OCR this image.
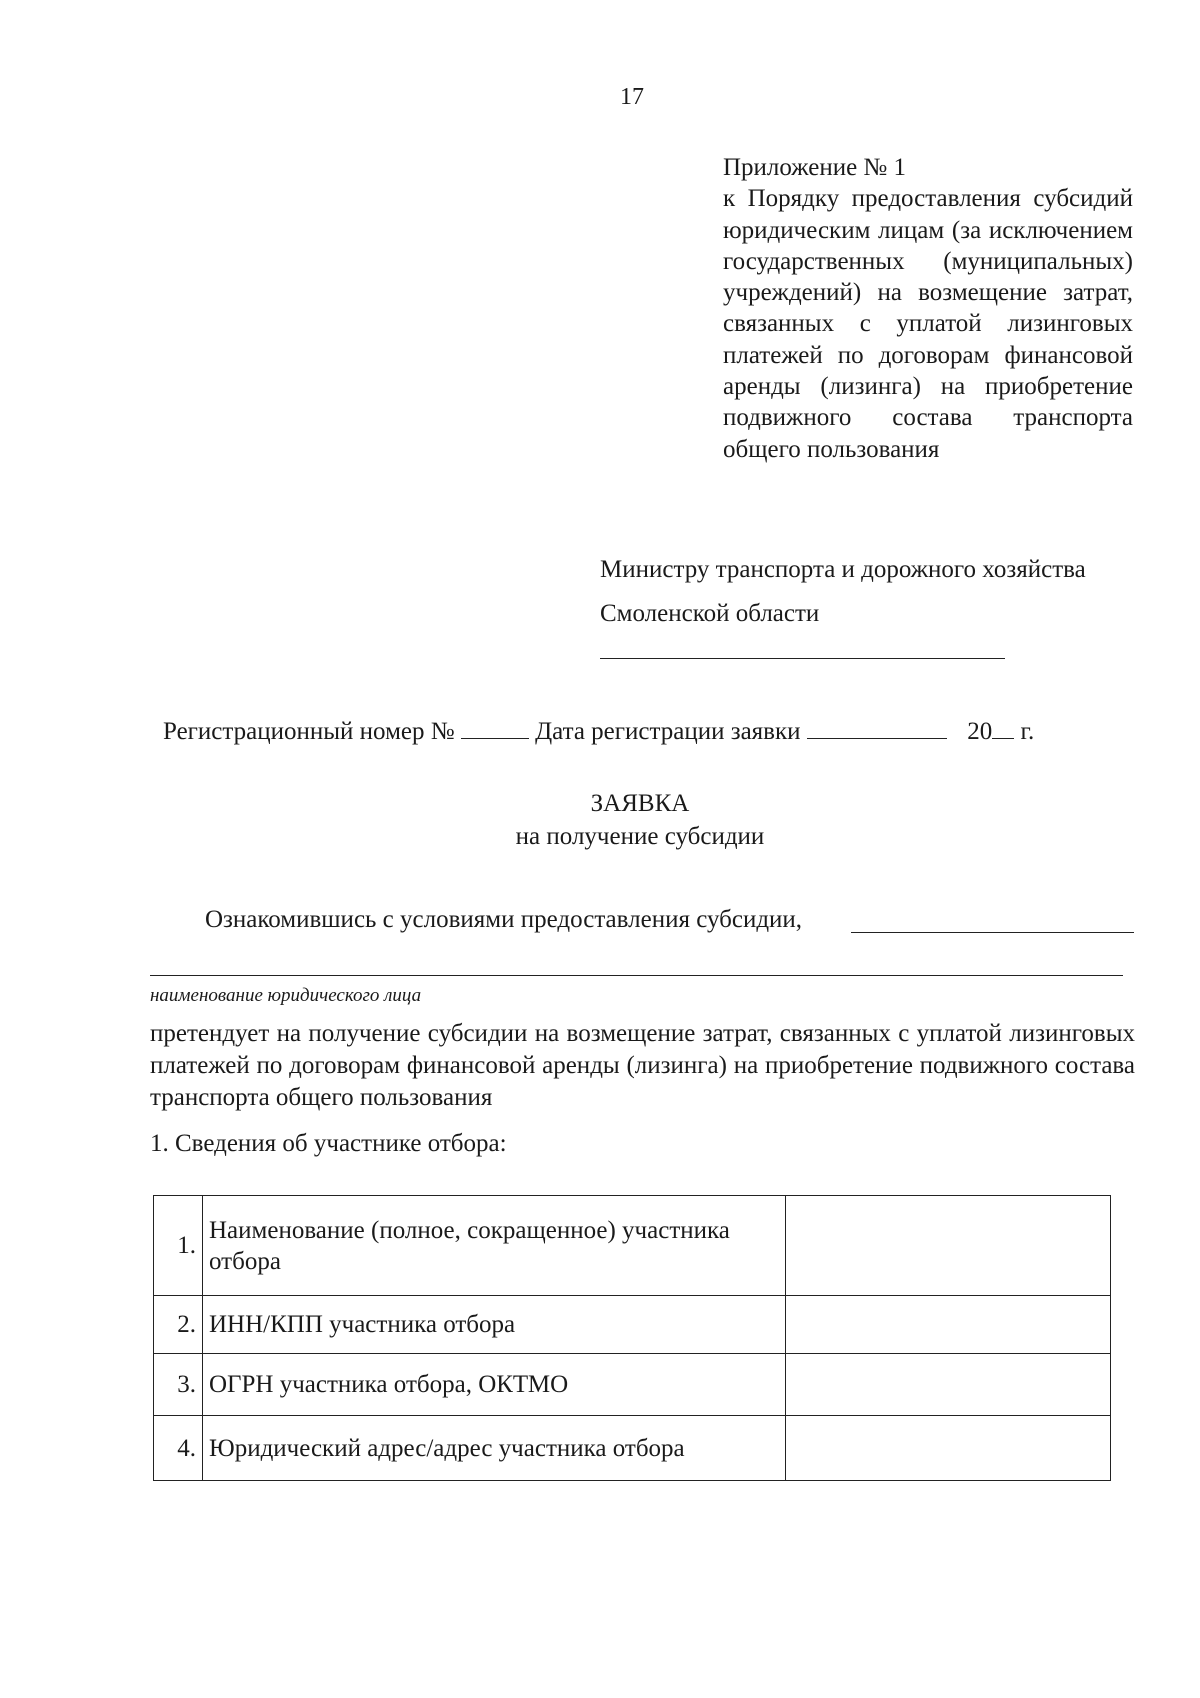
17

Приложение № 1

к Порядку предоставления субсидий юридическим лицам (за исключением государственных (муниципальных) учреждений) на возмещение затрат, связанных с уплатой лизинговых платежей по договорам финансовой аренды (лизинга) на приобретение подвижного состава транспорта общего пользования

Министру транспорта и дорожного хозяйства
Смоленской области
Регистрационный номер №	Дата регистрации заявки	20 г.
ЗАЯВКА
на получение субсидии
Ознакомившись с условиями предоставления субсидии,
наименование юридического лица
претендует на получение субсидии на возмещение затрат, связанных с уплатой лизинговых платежей по договорам финансовой аренды (лизинга) на приобретение подвижного состава транспорта общего пользования
1. Сведения об участнике отбора:
1.	Наименование (полное, сокращенное) участника отбора	
2.	ИНН/КПП участника отбора	
3.	ОГРН участника отбора, ОКТМО	
4.	Юридический адрес/адрес участника отбора	
